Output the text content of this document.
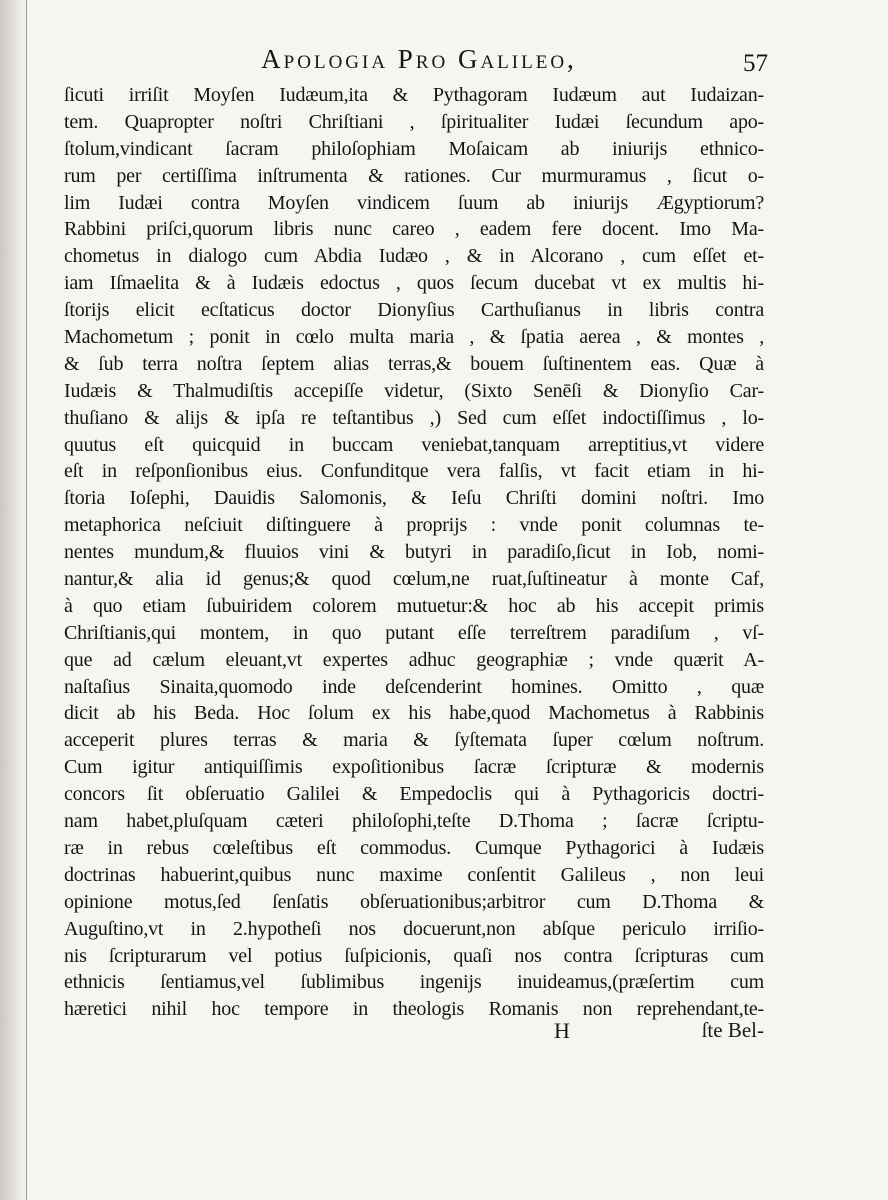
Apologia Pro Galileo,	57
ſicuti irriſit Moyſen Iudæum,ita & Pythagoram Iudæum aut Iudaizan-
tem. Quapropter noſtri Chriſtiani , ſpiritualiter Iudæi ſecundum apo-
ſtolum,vindicant ſacram philoſophiam Moſaicam ab iniurijs ethnico-
rum per certiſſima inſtrumenta & rationes. Cur murmuramus , ſicut o-
lim Iudæi contra Moyſen vindicem ſuum ab iniurijs Ægyptiorum?
Rabbini priſci,quorum libris nunc careo , eadem fere docent. Imo Ma-
chometus in dialogo cum Abdia Iudæo , & in Alcorano , cum eſſet et-
iam Iſmaelita & à Iudæis edoctus , quos ſecum ducebat vt ex multis hi-
ſtorijs elicit ecſtaticus doctor Dionyſius Carthuſianus in libris contra
Machometum ; ponit in cœlo multa maria , & ſpatia aerea , & montes ,
& ſub terra noſtra ſeptem alias terras,& bouem ſuſtinentem eas. Quæ à
Iudæis & Thalmudiſtis accepiſſe videtur, (Sixto Senēſi & Dionyſio Car-
thuſiano & alijs & ipſa re teſtantibus ,) Sed cum eſſet indoctiſſimus , lo-
quutus eſt quicquid in buccam veniebat,tanquam arreptitius,vt videre
eſt in reſponſionibus eius. Confunditque vera falſis, vt facit etiam in hi-
ſtoria Ioſephi, Dauidis Salomonis, & Ieſu Chriſti domini noſtri. Imo
metaphorica neſciuit diſtinguere à proprijs : vnde ponit columnas te-
nentes mundum,& fluuios vini & butyri in paradiſo,ſicut in Iob, nomi-
nantur,& alia id genus;& quod cœlum,ne ruat,ſuſtineatur à monte Caf,
à quo etiam ſubuiridem colorem mutuetur:& hoc ab his accepit primis
Chriſtianis,qui montem, in quo putant eſſe terreſtrem paradiſum , vſ-
que ad cælum eleuant,vt expertes adhuc geographiæ ; vnde quærit A-
naſtaſius Sinaita,quomodo inde deſcenderint homines. Omitto , quæ
dicit ab his Beda. Hoc ſolum ex his habe,quod Machometus à Rabbinis
acceperit plures terras & maria & ſyſtemata ſuper cœlum noſtrum.
Cum igitur antiquiſſimis expoſitionibus ſacræ ſcripturæ & modernis
concors ſit obſeruatio Galilei & Empedoclis qui à Pythagoricis doctri-
nam habet,pluſquam cæteri philoſophi,teſte D.Thoma ; ſacræ ſcriptu-
ræ in rebus cœleſtibus eſt commodus. Cumque Pythagorici à Iudæis
doctrinas habuerint,quibus nunc maxime conſentit Galileus , non leui
opinione motus,ſed ſenſatis obſeruationibus;arbitror cum D.Thoma &
Auguſtino,vt in 2.hypotheſi nos docuerunt,non abſque periculo irriſio-
nis ſcripturarum vel potius ſuſpicionis, quaſi nos contra ſcripturas cum
ethnicis ſentiamus,vel ſublimibus ingenijs inuideamus,(præſertim cum
hæretici nihil hoc tempore in theologis Romanis non reprehendant,te-
H	ſte Bel-
